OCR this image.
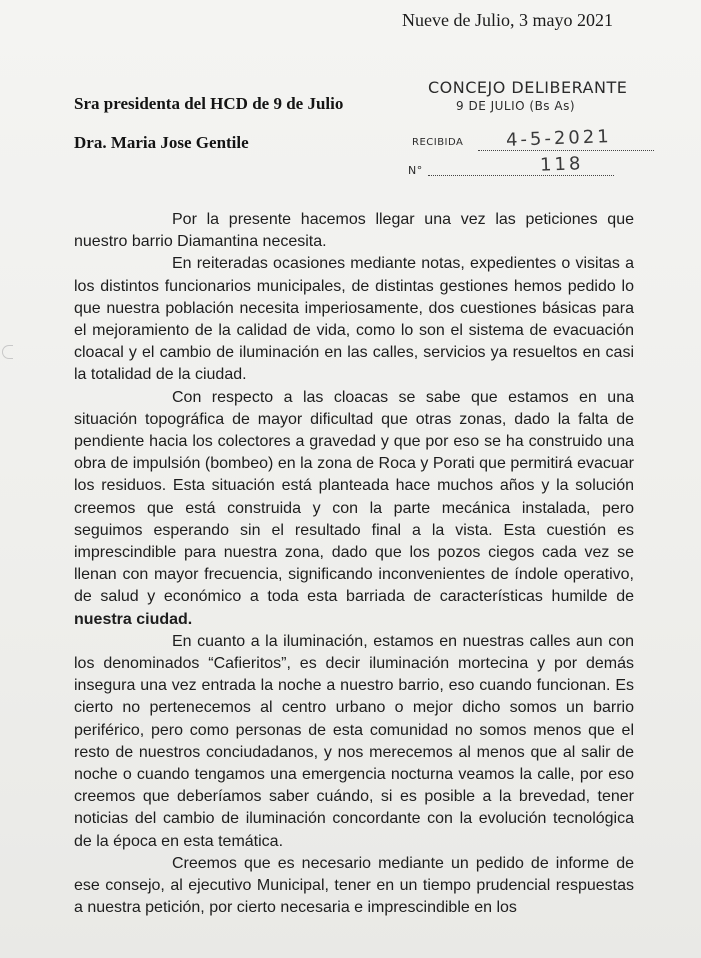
Nueve de Julio, 3 mayo 2021
Sra presidenta del HCD de 9 de Julio
Dra. Maria Jose Gentile
CONCEJO DELIBERANTE
9 DE JULIO (Bs As)
RECIBIDA 4-5-2021
N°	118

Por la presente hacemos llegar una vez las peticiones que nuestro barrio Diamantina necesita.

En reiteradas ocasiones mediante notas, expedientes o visitas a los distintos funcionarios municipales, de distintas gestiones hemos pedido lo que nuestra población necesita imperiosamente, dos cuestiones básicas para el mejoramiento de la calidad de vida, como lo son el sistema de evacuación cloacal y el cambio de iluminación en las calles, servicios ya resueltos en casi la totalidad de la ciudad.

Con respecto a las cloacas se sabe que estamos en una situación topográfica de mayor dificultad que otras zonas, dado la falta de pendiente hacia los colectores a gravedad y que por eso se ha construido una obra de impulsión (bombeo) en la zona de Roca y Porati que permitirá evacuar los residuos. Esta situación está planteada hace muchos años y la solución creemos que está construida y con la parte mecánica instalada, pero seguimos esperando sin el resultado final a la vista. Esta cuestión es imprescindible para nuestra zona, dado que los pozos ciegos cada vez se llenan con mayor frecuencia, significando inconvenientes de índole operativo, de salud y económico a toda esta barriada de características humilde de nuestra ciudad.

En cuanto a la iluminación, estamos en nuestras calles aun con los denominados “Cafieritos”, es decir iluminación mortecina y por demás insegura una vez entrada la noche a nuestro barrio, eso cuando funcionan. Es cierto no pertenecemos al centro urbano o mejor dicho somos un barrio periférico, pero como personas de esta comunidad no somos menos que el resto de nuestros conciudadanos, y nos merecemos al menos que al salir de noche o cuando tengamos una emergencia nocturna veamos la calle, por eso creemos que deberíamos saber cuándo, si es posible a la brevedad, tener noticias del cambio de iluminación concordante con la evolución tecnológica de la época en esta temática.

Creemos que es necesario mediante un pedido de informe de ese consejo, al ejecutivo Municipal, tener en un tiempo prudencial respuestas a nuestra petición, por cierto necesaria e imprescindible en los
